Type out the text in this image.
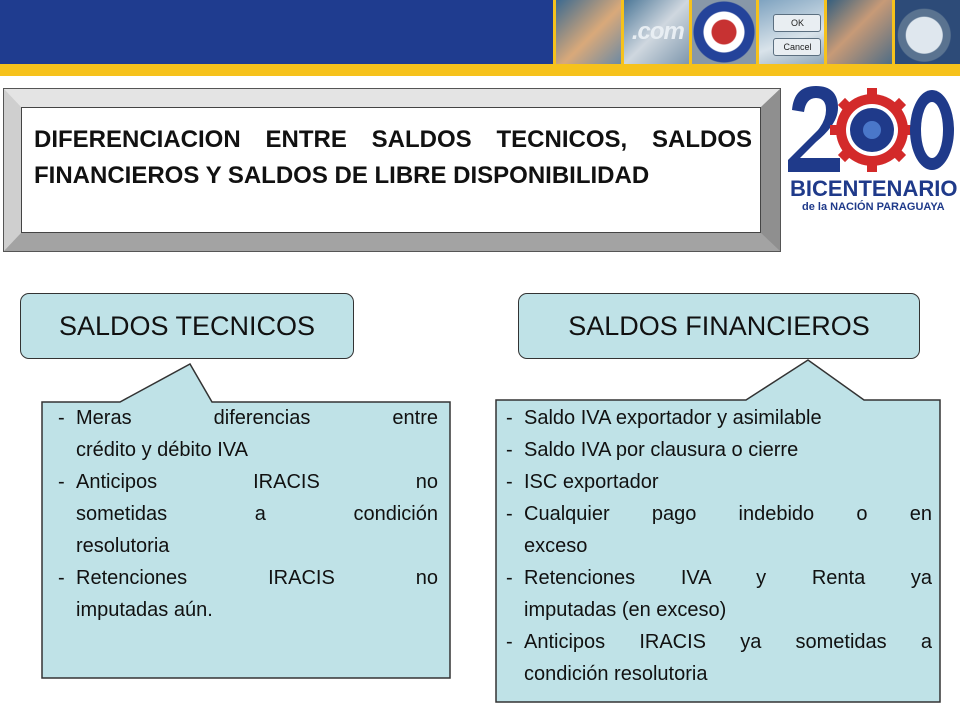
.com	OK
Cancel
DIFERENCIACION ENTRE SALDOS TECNICOS, SALDOS FINANCIEROS Y SALDOS DE LIBRE DISPONIBILIDAD	BICENTENARIO
de la NACIÓN PARAGUAYA
SALDOS TECNICOS	SALDOS FINANCIEROS
- Meras diferencias entre
crédito y débito IVA
- Anticipos IRACIS no
sometidas a condición
resolutoria
- Retenciones IRACIS no
imputadas aún.
- Saldo IVA exportador y asimilable
- Saldo IVA por clausura o cierre
- ISC exportador
- Cualquier pago indebido o en
exceso
- Retenciones IVA y Renta ya
imputadas (en exceso)
- Anticipos IRACIS ya sometidas a
condición resolutoria
